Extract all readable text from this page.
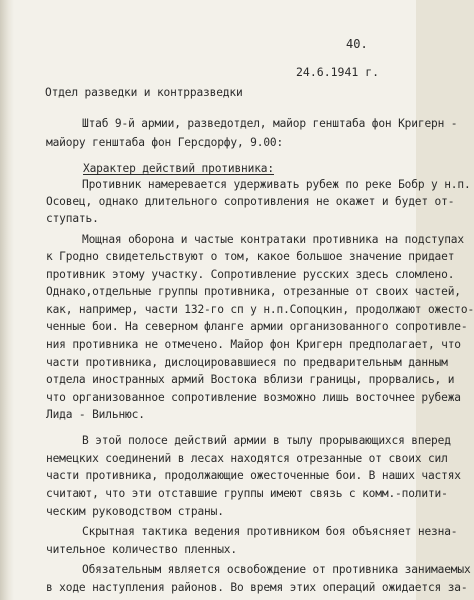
40.
24.6.1941 г.
Отдел разведки и контрразведки
Штаб 9-й армии, разведотдел, майор генштаба фон Кригерн -
майору генштаба фон Герсдорфу, 9.00:
Характер действий противника:
Противник намеревается удерживать рубеж по реке Бобр у н.п.
Осовец, однако длительного сопротивления не окажет и будет от-
ступать.
Мощная оборона и частые контратаки противника на подступах
к Гродно свидетельствуют о том, какое большое значение придает
противник этому участку. Сопротивление русских здесь сломлено.
Однако,отдельные группы противника, отрезанные от своих частей,
как, например, части 132-го сп у н.п.Сопоцкин, продолжают ожесто-
ченные бои. На северном фланге армии организованного сопротивле-
ния противника не отмечено. Майор фон Кригерн предполагает, что
части противника, дислоцировавшиеся по предварительным данным
отдела иностранных армий Востока вблизи границы, прорвались, и
что организованное сопротивление возможно лишь восточнее рубежа
Лида - Вильнюс.
В этой полосе действий армии в тылу прорывающихся вперед
немецких соединений в лесах находятся отрезанные от своих сил
части противника, продолжающие ожесточенные бои. В наших частях
считают, что эти отставшие группы имеют связь с комм.-полити-
ческим руководством страны.
Скрытная тактика ведения противником боя объясняет незна-
чительное количество пленных.
Обязательным является освобождение от противника занимаемых
в ходе наступления районов. Во время этих операций ожидается за-
